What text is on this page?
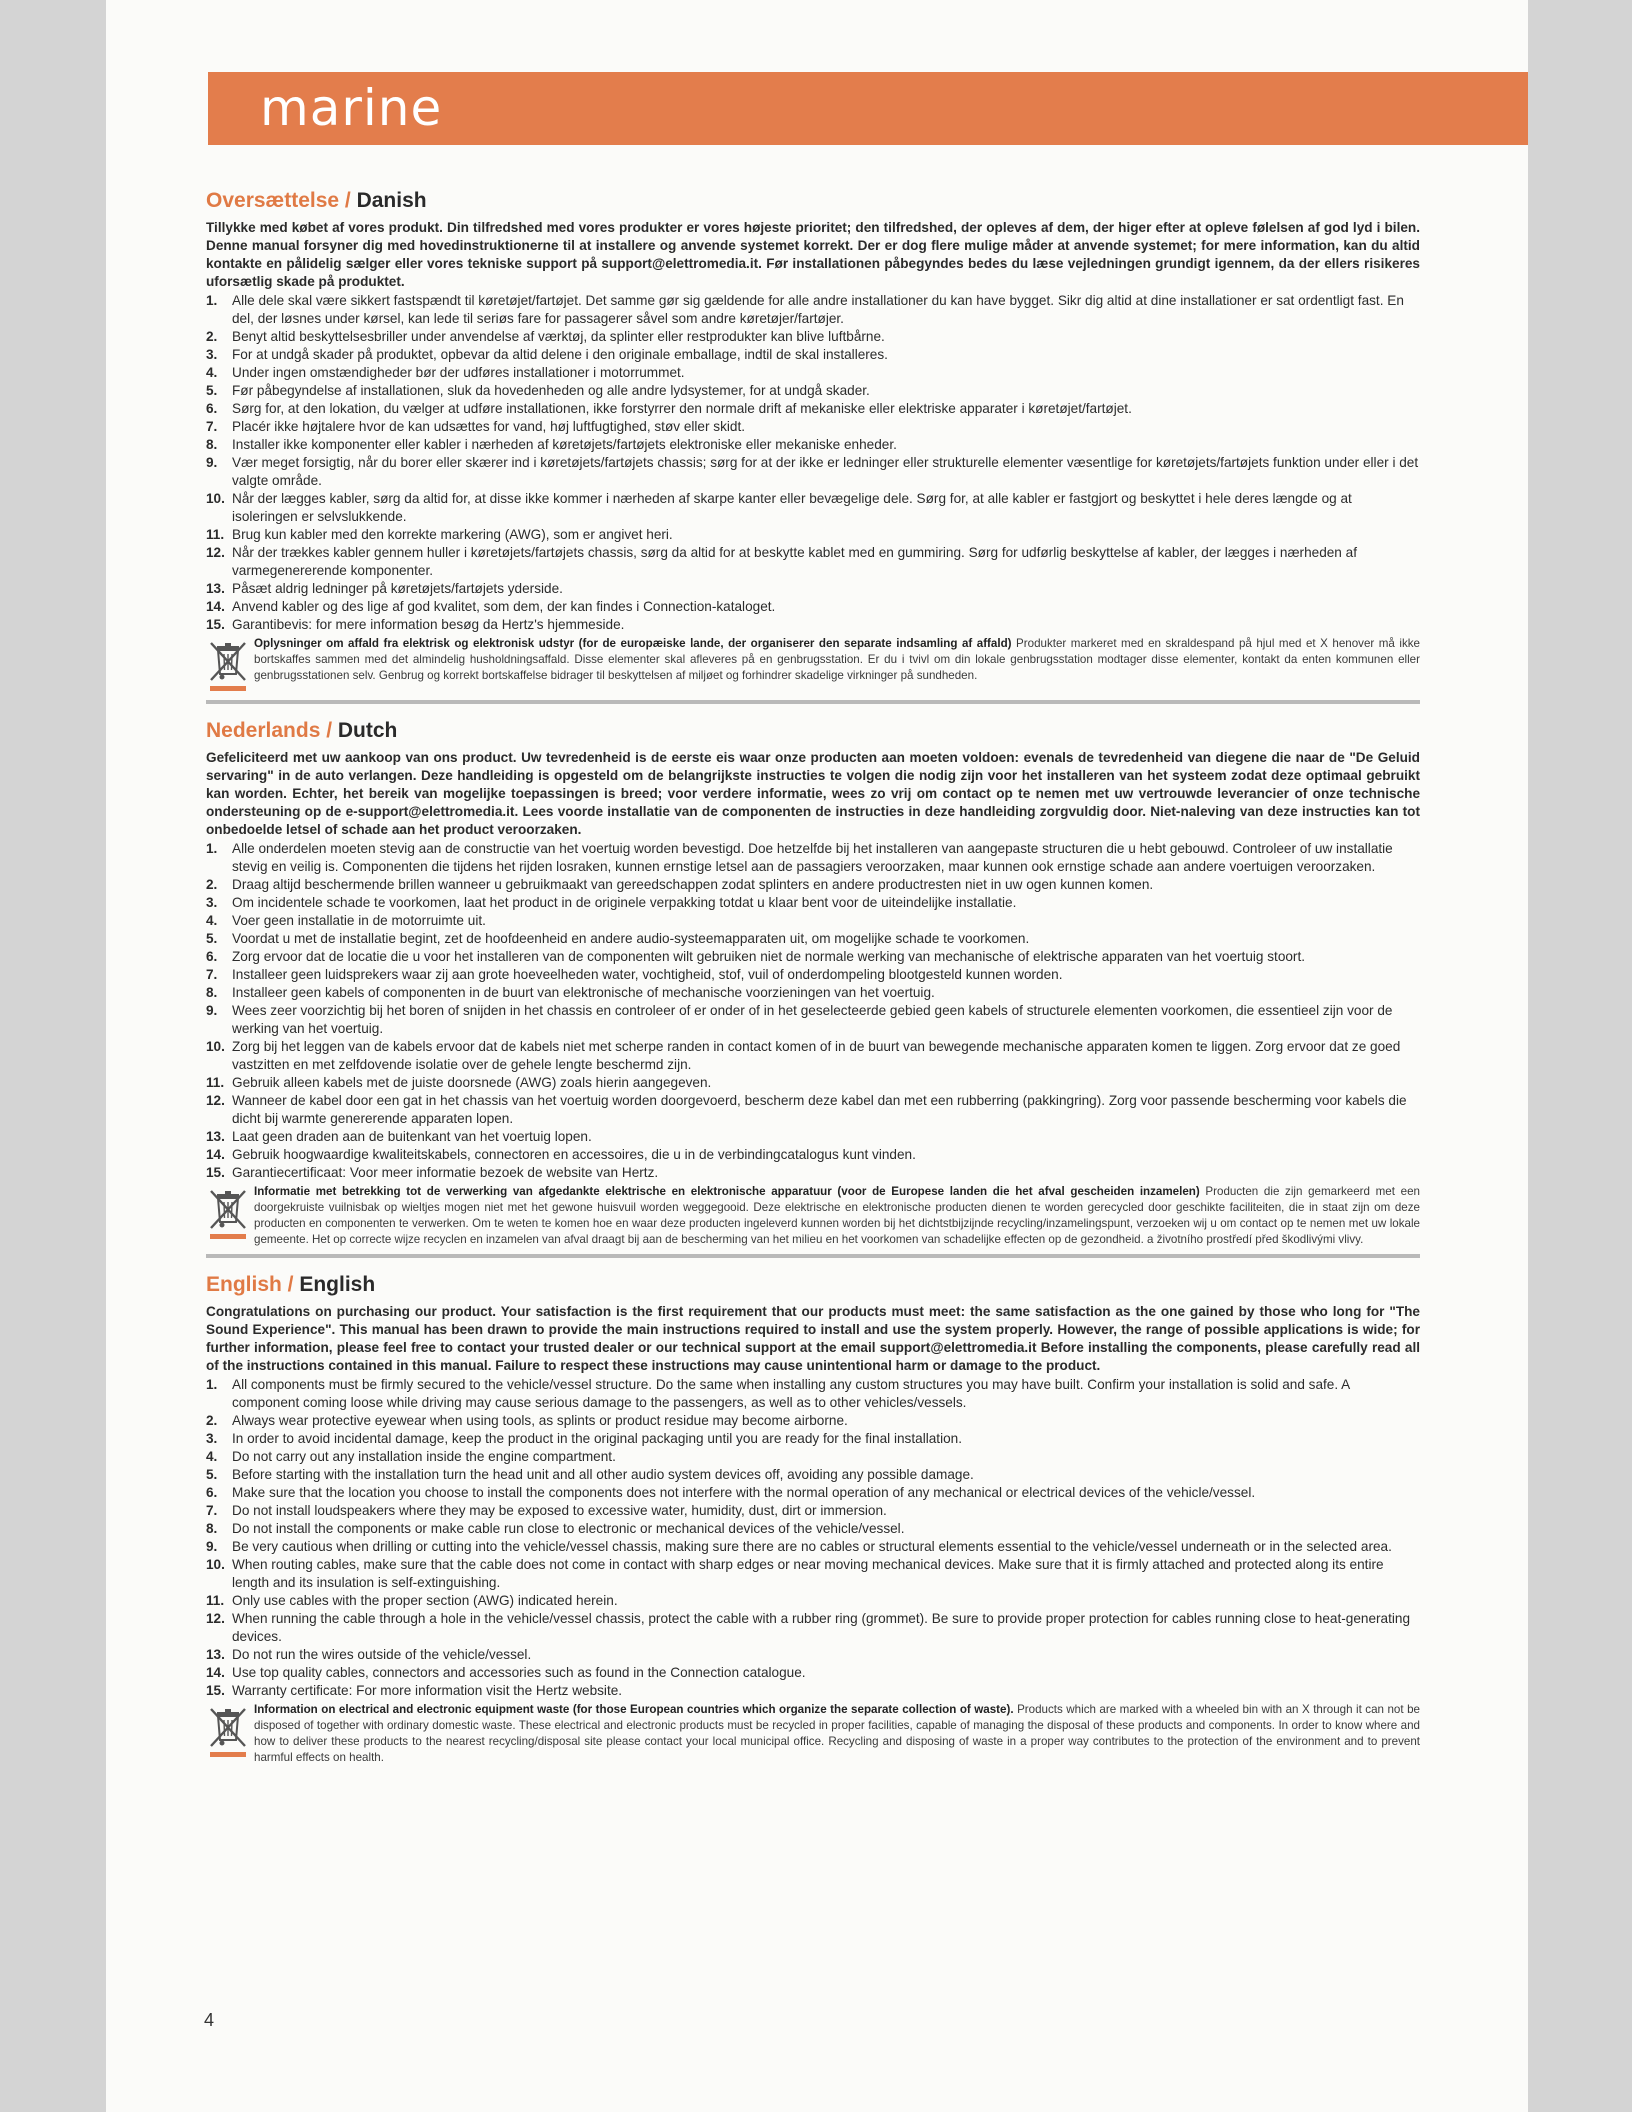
marine
Oversættelse / Danish

Tillykke med købet af vores produkt. Din tilfredshed med vores produkter er vores højeste prioritet; den tilfredshed, der opleves af dem, der higer efter at opleve følelsen af god lyd i bilen. Denne manual forsyner dig med hovedinstruktionerne til at installere og anvende systemet korrekt. Der er dog flere mulige måder at anvende systemet; for mere information, kan du altid kontakte en pålidelig sælger eller vores tekniske support på support@elettromedia.it. Før installationen påbegyndes bedes du læse vejledningen grundigt igennem, da der ellers risikeres uforsætlig skade på produktet.

1. Alle dele skal være sikkert fastspændt til køretøjet/fartøjet. Det samme gør sig gældende for alle andre installationer du kan have bygget. Sikr dig altid at dine installationer er sat ordentligt fast. En del, der løsnes under kørsel, kan lede til seriøs fare for passagerer såvel som andre køretøjer/fartøjer.
2. Benyt altid beskyttelsesbriller under anvendelse af værktøj, da splinter eller restprodukter kan blive luftbårne.
3. For at undgå skader på produktet, opbevar da altid delene i den originale emballage, indtil de skal installeres.
4. Under ingen omstændigheder bør der udføres installationer i motorrummet.
5. Før påbegyndelse af installationen, sluk da hovedenheden og alle andre lydsystemer, for at undgå skader.
6. Sørg for, at den lokation, du vælger at udføre installationen, ikke forstyrrer den normale drift af mekaniske eller elektriske apparater i køretøjet/fartøjet.
7. Placér ikke højtalere hvor de kan udsættes for vand, høj luftfugtighed, støv eller skidt.
8. Installer ikke komponenter eller kabler i nærheden af køretøjets/fartøjets elektroniske eller mekaniske enheder.
9. Vær meget forsigtig, når du borer eller skærer ind i køretøjets/fartøjets chassis; sørg for at der ikke er ledninger eller strukturelle elementer væsentlige for køretøjets/fartøjets funktion under eller i det valgte område.
10. Når der lægges kabler, sørg da altid for, at disse ikke kommer i nærheden af skarpe kanter eller bevægelige dele. Sørg for, at alle kabler er fastgjort og beskyttet i hele deres længde og at isoleringen er selvslukkende.
11. Brug kun kabler med den korrekte markering (AWG), som er angivet heri.
12. Når der trækkes kabler gennem huller i køretøjets/fartøjets chassis, sørg da altid for at beskytte kablet med en gummiring. Sørg for udførlig beskyttelse af kabler, der lægges i nærheden af varmegenererende komponenter.
13. Påsæt aldrig ledninger på køretøjets/fartøjets yderside.
14. Anvend kabler og des lige af god kvalitet, som dem, der kan findes i Connection-kataloget.
15. Garantibevis: for mere information besøg da Hertz's hjemmeside.

Oplysninger om affald fra elektrisk og elektronisk udstyr (for de europæiske lande, der organiserer den separate indsamling af affald) Produkter markeret med en skraldespand på hjul med et X henover må ikke bortskaffes sammen med det almindelig husholdningsaffald. Disse elementer skal afleveres på en genbrugsstation. Er du i tvivl om din lokale genbrugsstation modtager disse elementer, kontakt da enten kommunen eller genbrugsstationen selv. Genbrug og korrekt bortskaffelse bidrager til beskyttelsen af miljøet og forhindrer skadelige virkninger på sundheden.

Nederlands / Dutch

Gefeliciteerd met uw aankoop van ons product. Uw tevredenheid is de eerste eis waar onze producten aan moeten voldoen: evenals de tevredenheid van diegene die naar de "De Geluid servaring" in de auto verlangen. Deze handleiding is opgesteld om de belangrijkste instructies te volgen die nodig zijn voor het installeren van het systeem zodat deze optimaal gebruikt kan worden. Echter, het bereik van mogelijke toepassingen is breed; voor verdere informatie, wees zo vrij om contact op te nemen met uw vertrouwde leverancier of onze technische ondersteuning op de e-support@elettromedia.it. Lees voorde installatie van de componenten de instructies in deze handleiding zorgvuldig door. Niet-naleving van deze instructies kan tot onbedoelde letsel of schade aan het product veroorzaken.

1. Alle onderdelen moeten stevig aan de constructie van het voertuig worden bevestigd. Doe hetzelfde bij het installeren van aangepaste structuren die u hebt gebouwd. Controleer of uw installatie stevig en veilig is. Componenten die tijdens het rijden losraken, kunnen ernstige letsel aan de passagiers veroorzaken, maar kunnen ook ernstige schade aan andere voertuigen veroorzaken.
2. Draag altijd beschermende brillen wanneer u gebruikmaakt van gereedschappen zodat splinters en andere productresten niet in uw ogen kunnen komen.
3. Om incidentele schade te voorkomen, laat het product in de originele verpakking totdat u klaar bent voor de uiteindelijke installatie.
4. Voer geen installatie in de motorruimte uit.
5. Voordat u met de installatie begint, zet de hoofdeenheid en andere audio-systeemapparaten uit, om mogelijke schade te voorkomen.
6. Zorg ervoor dat de locatie die u voor het installeren van de componenten wilt gebruiken niet de normale werking van mechanische of elektrische apparaten van het voertuig stoort.
7. Installeer geen luidsprekers waar zij aan grote hoeveelheden water, vochtigheid, stof, vuil of onderdompeling blootgesteld kunnen worden.
8. Installeer geen kabels of componenten in de buurt van elektronische of mechanische voorzieningen van het voertuig.
9. Wees zeer voorzichtig bij het boren of snijden in het chassis en controleer of er onder of in het geselecteerde gebied geen kabels of structurele elementen voorkomen, die essentieel zijn voor de werking van het voertuig.
10. Zorg bij het leggen van de kabels ervoor dat de kabels niet met scherpe randen in contact komen of in de buurt van bewegende mechanische apparaten komen te liggen. Zorg ervoor dat ze goed vastzitten en met zelfdovende isolatie over de gehele lengte beschermd zijn.
11. Gebruik alleen kabels met de juiste doorsnede (AWG) zoals hierin aangegeven.
12. Wanneer de kabel door een gat in het chassis van het voertuig worden doorgevoerd, bescherm deze kabel dan met een rubberring (pakkingring). Zorg voor passende bescherming voor kabels die dicht bij warmte genererende apparaten lopen.
13. Laat geen draden aan de buitenkant van het voertuig lopen.
14. Gebruik hoogwaardige kwaliteitskabels, connectoren en accessoires, die u in de verbindingcatalogus kunt vinden.
15. Garantiecertificaat: Voor meer informatie bezoek de website van Hertz.

Informatie met betrekking tot de verwerking van afgedankte elektrische en elektronische apparatuur (voor de Europese landen die het afval gescheiden inzamelen) Producten die zijn gemarkeerd met een doorgekruiste vuilnisbak op wieltjes mogen niet met het gewone huisvuil worden weggegooid. Deze elektrische en elektronische producten dienen te worden gerecycled door geschikte faciliteiten, die in staat zijn om deze producten en componenten te verwerken. Om te weten te komen hoe en waar deze producten ingeleverd kunnen worden bij het dichtstbijzijnde recycling/inzamelingspunt, verzoeken wij u om contact op te nemen met uw lokale gemeente. Het op correcte wijze recyclen en inzamelen van afval draagt bij aan de bescherming van het milieu en het voorkomen van schadelijke effecten op de gezondheid. a životního prostředí před škodlivými vlivy.

English / English

Congratulations on purchasing our product. Your satisfaction is the first requirement that our products must meet: the same satisfaction as the one gained by those who long for "The Sound Experience". This manual has been drawn to provide the main instructions required to install and use the system properly. However, the range of possible applications is wide; for further information, please feel free to contact your trusted dealer or our technical support at the email support@elettromedia.it Before installing the components, please carefully read all of the instructions contained in this manual. Failure to respect these instructions may cause unintentional harm or damage to the product.

1. All components must be firmly secured to the vehicle/vessel structure. Do the same when installing any custom structures you may have built. Confirm your installation is solid and safe. A component coming loose while driving may cause serious damage to the passengers, as well as to other vehicles/vessels.
2. Always wear protective eyewear when using tools, as splints or product residue may become airborne.
3. In order to avoid incidental damage, keep the product in the original packaging until you are ready for the final installation.
4. Do not carry out any installation inside the engine compartment.
5. Before starting with the installation turn the head unit and all other audio system devices off, avoiding any possible damage.
6. Make sure that the location you choose to install the components does not interfere with the normal operation of any mechanical or electrical devices of the vehicle/vessel.
7. Do not install loudspeakers where they may be exposed to excessive water, humidity, dust, dirt or immersion.
8. Do not install the components or make cable run close to electronic or mechanical devices of the vehicle/vessel.
9. Be very cautious when drilling or cutting into the vehicle/vessel chassis, making sure there are no cables or structural elements essential to the vehicle/vessel underneath or in the selected area.
10. When routing cables, make sure that the cable does not come in contact with sharp edges or near moving mechanical devices. Make sure that it is firmly attached and protected along its entire length and its insulation is self-extinguishing.
11. Only use cables with the proper section (AWG) indicated herein.
12. When running the cable through a hole in the vehicle/vessel chassis, protect the cable with a rubber ring (grommet). Be sure to provide proper protection for cables running close to heat-generating devices.
13. Do not run the wires outside of the vehicle/vessel.
14. Use top quality cables, connectors and accessories such as found in the Connection catalogue.
15. Warranty certificate: For more information visit the Hertz website.

Information on electrical and electronic equipment waste (for those European countries which organize the separate collection of waste). Products which are marked with a wheeled bin with an X through it can not be disposed of together with ordinary domestic waste. These electrical and electronic products must be recycled in proper facilities, capable of managing the disposal of these products and components. In order to know where and how to deliver these products to the nearest recycling/disposal site please contact your local municipal office. Recycling and disposing of waste in a proper way contributes to the protection of the environment and to prevent harmful effects on health.

4
